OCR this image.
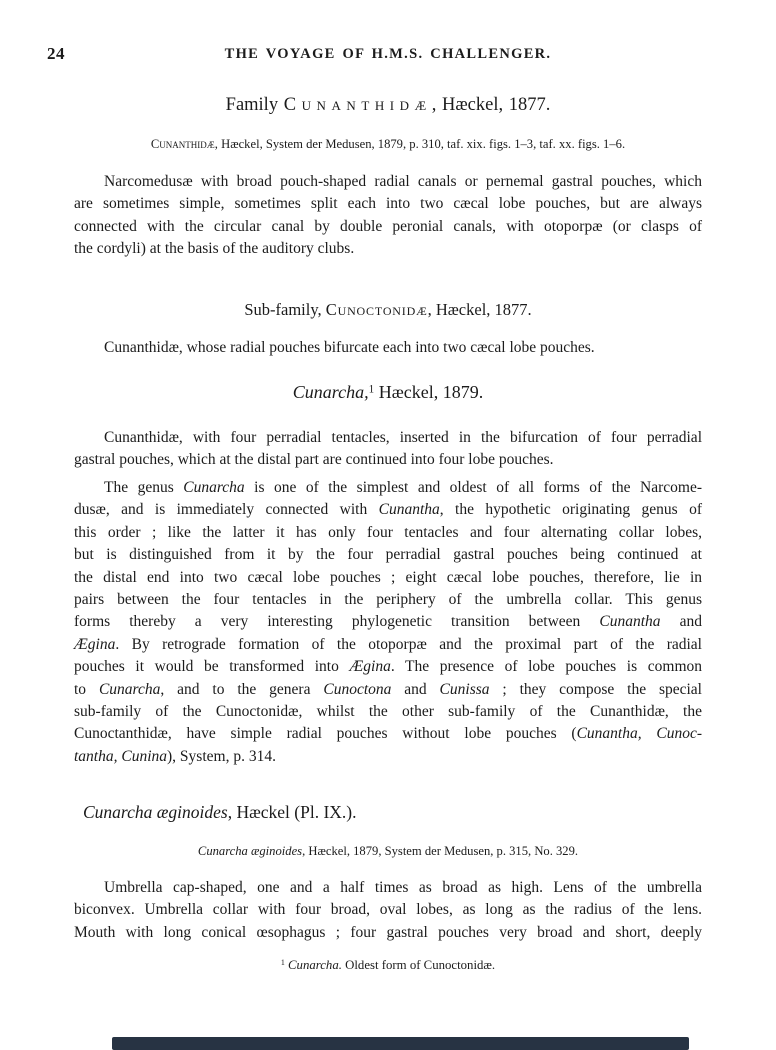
24	THE VOYAGE OF H.M.S. CHALLENGER.
Family Cunanthidæ, Hæckel, 1877.
Cunanthidæ, Hæckel, System der Medusen, 1879, p. 310, taf. xix. figs. 1–3, taf. xx. figs. 1–6.
Narcomedusæ with broad pouch-shaped radial canals or pernemal gastral pouches, which
are sometimes simple, sometimes split each into two cæcal lobe pouches, but are always
connected with the circular canal by double peronial canals, with otoporpæ (or clasps of
the cordyli) at the basis of the auditory clubs.
Sub-family, Cunoctonidæ, Hæckel, 1877.
Cunanthidæ, whose radial pouches bifurcate each into two cæcal lobe pouches.
Cunarcha,$^1$ Hæckel, 1879.
Cunanthidæ, with four perradial tentacles, inserted in the bifurcation of four perradial
gastral pouches, which at the distal part are continued into four lobe pouches.
The genus Cunarcha is one of the simplest and oldest of all forms of the Narcome-
dusæ, and is immediately connected with Cunantha, the hypothetic originating genus of
this order ; like the latter it has only four tentacles and four alternating collar lobes,
but is distinguished from it by the four perradial gastral pouches being continued at
the distal end into two cæcal lobe pouches ; eight cæcal lobe pouches, therefore, lie in
pairs between the four tentacles in the periphery of the umbrella collar. This genus
forms thereby a very interesting phylogenetic transition between Cunantha and
Ægina. By retrograde formation of the otoporpæ and the proximal part of the radial
pouches it would be transformed into Ægina. The presence of lobe pouches is common
to Cunarcha, and to the genera Cunoctona and Cunissa ; they compose the special
sub-family of the Cunoctonidæ, whilst the other sub-family of the Cunanthidæ, the
Cunoctanthidæ, have simple radial pouches without lobe pouches (Cunantha, Cunoc-
tantha, Cunina), System, p. 314.
Cunarcha æginoides, Hæckel (Pl. IX.).
Cunarcha æginoides, Hæckel, 1879, System der Medusen, p. 315, No. 329.
Umbrella cap-shaped, one and a half times as broad as high. Lens of the umbrella
biconvex. Umbrella collar with four broad, oval lobes, as long as the radius of the lens.
Mouth with long conical œsophagus ; four gastral pouches very broad and short, deeply
$^1$ Cunarcha. Oldest form of Cunoctonidæ.
